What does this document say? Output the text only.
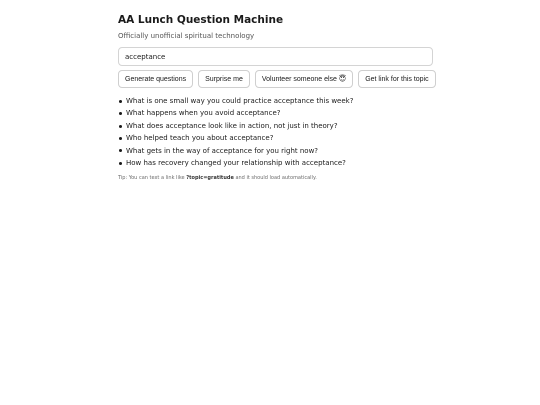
AA Lunch Question Machine
Officially unofficial spiritual technology
acceptance
Generate questions	Surprise me	Volunteer someone else 😇	Get link for this topic
What is one small way you could practice acceptance this week?
What happens when you avoid acceptance?
What does acceptance look like in action, not just in theory?
Who helped teach you about acceptance?
What gets in the way of acceptance for you right now?
How has recovery changed your relationship with acceptance?
Tip: You can text a link like ?topic=gratitude and it should load automatically.
